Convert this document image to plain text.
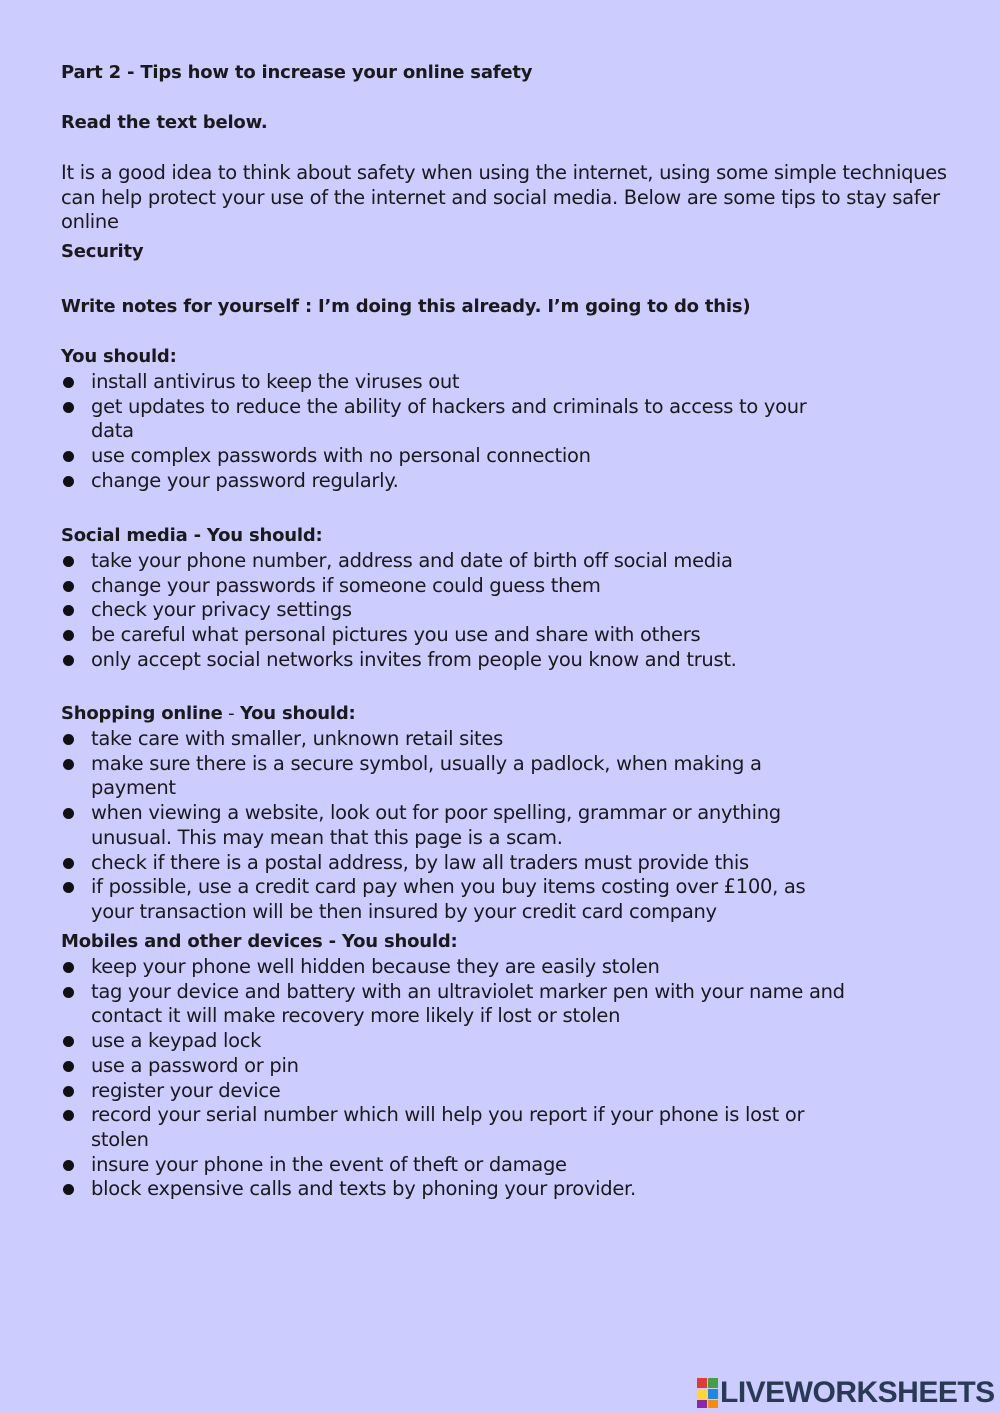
Part 2 - Tips how to increase your online safety
Read the text below.
It is a good idea to think about safety when using the internet, using some simple techniques can help protect your use of the internet and social media. Below are some tips to stay safer online
Security
Write notes for yourself : I’m doing this already. I’m going to do this)
You should:
install antivirus to keep the viruses out
get updates to reduce the ability of hackers and criminals to access to your data
use complex passwords with no personal connection
change your password regularly.
Social media - You should:
take your phone number, address and date of birth off social media
change your passwords if someone could guess them
check your privacy settings
be careful what personal pictures you use and share with others
only accept social networks invites from people you know and trust.
Shopping online - You should:
take care with smaller, unknown retail sites
make sure there is a secure symbol, usually a padlock, when making a payment
when viewing a website, look out for poor spelling, grammar or anything unusual. This may mean that this page is a scam.
check if there is a postal address, by law all traders must provide this
if possible, use a credit card pay when you buy items costing over £100, as your transaction will be then insured by your credit card company
Mobiles and other devices - You should:
keep your phone well hidden because they are easily stolen
tag your device and battery with an ultraviolet marker pen with your name and contact it will make recovery more likely if lost or stolen
use a keypad lock
use a password or pin
register your device
record your serial number which will help you report if your phone is lost or stolen
insure your phone in the event of theft or damage
block expensive calls and texts by phoning your provider.
LIVEWORKSHEETS
